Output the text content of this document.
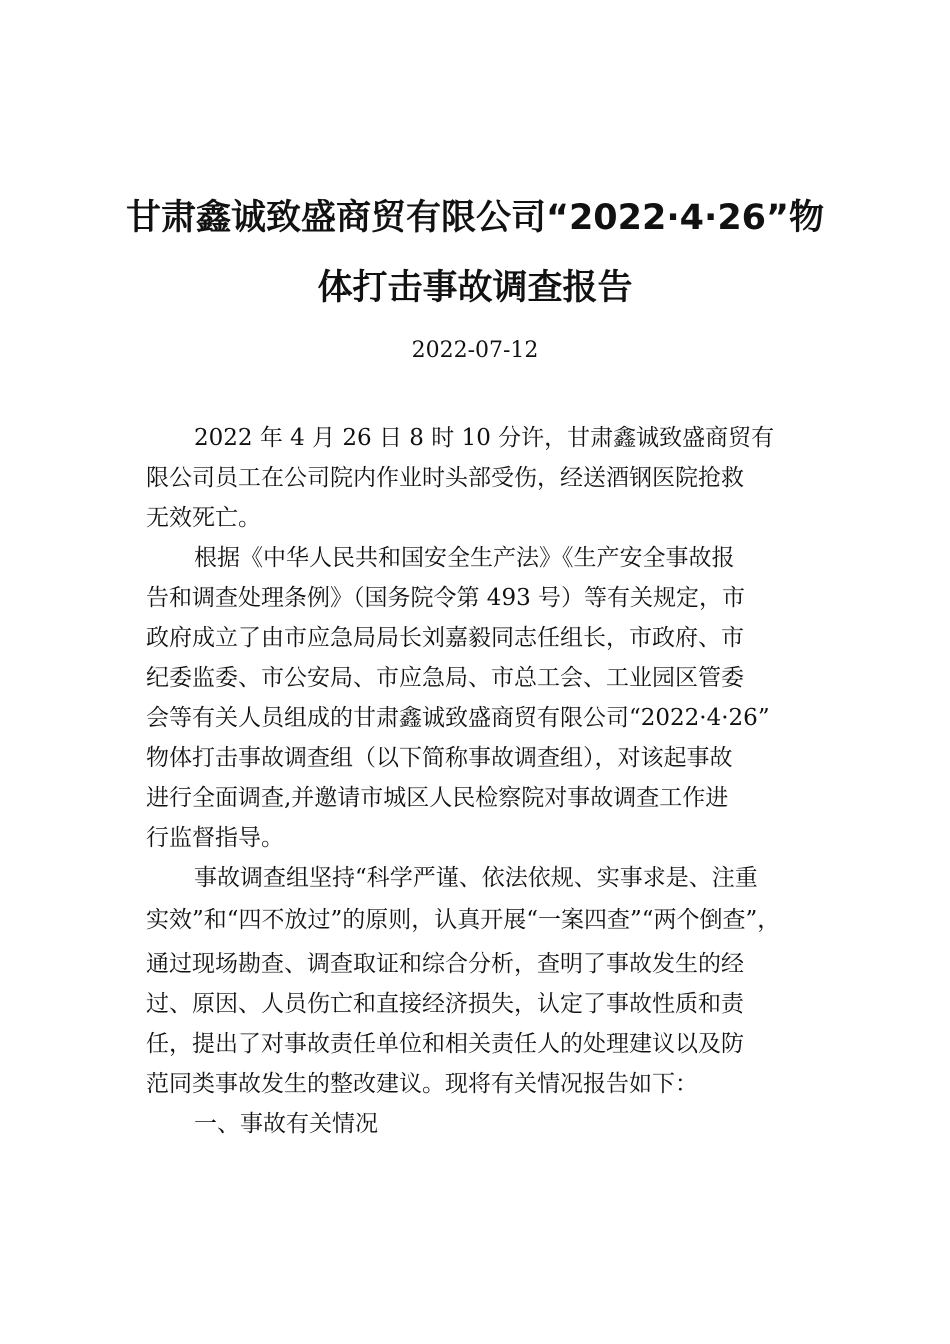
甘肃鑫诚致盛商贸有限公司“2022·4·26”物
体打击事故调查报告
2022-07-12
2022 年 4 月 26 日 8 时 10 分许，甘肃鑫诚致盛商贸有
限公司员工在公司院内作业时头部受伤，经送酒钢医院抢救
无效死亡。
根据《中华人民共和国安全生产法》《生产安全事故报
告和调查处理条例》（国务院令第 493 号）等有关规定，市
政府成立了由市应急局局长刘嘉毅同志任组长，市政府、市
纪委监委、市公安局、市应急局、市总工会、工业园区管委
会等有关人员组成的甘肃鑫诚致盛商贸有限公司“2022·4·26”
物体打击事故调查组（以下简称事故调查组），对该起事故
进行全面调查,并邀请市城区人民检察院对事故调查工作进
行监督指导。
事故调查组坚持“科学严谨、依法依规、实事求是、注重
实效”和“四不放过”的原则，认真开展“一案四查”“两个倒查”，
通过现场勘查、调查取证和综合分析，查明了事故发生的经
过、原因、人员伤亡和直接经济损失，认定了事故性质和责
任，提出了对事故责任单位和相关责任人的处理建议以及防
范同类事故发生的整改建议。现将有关情况报告如下：
一、事故有关情况
